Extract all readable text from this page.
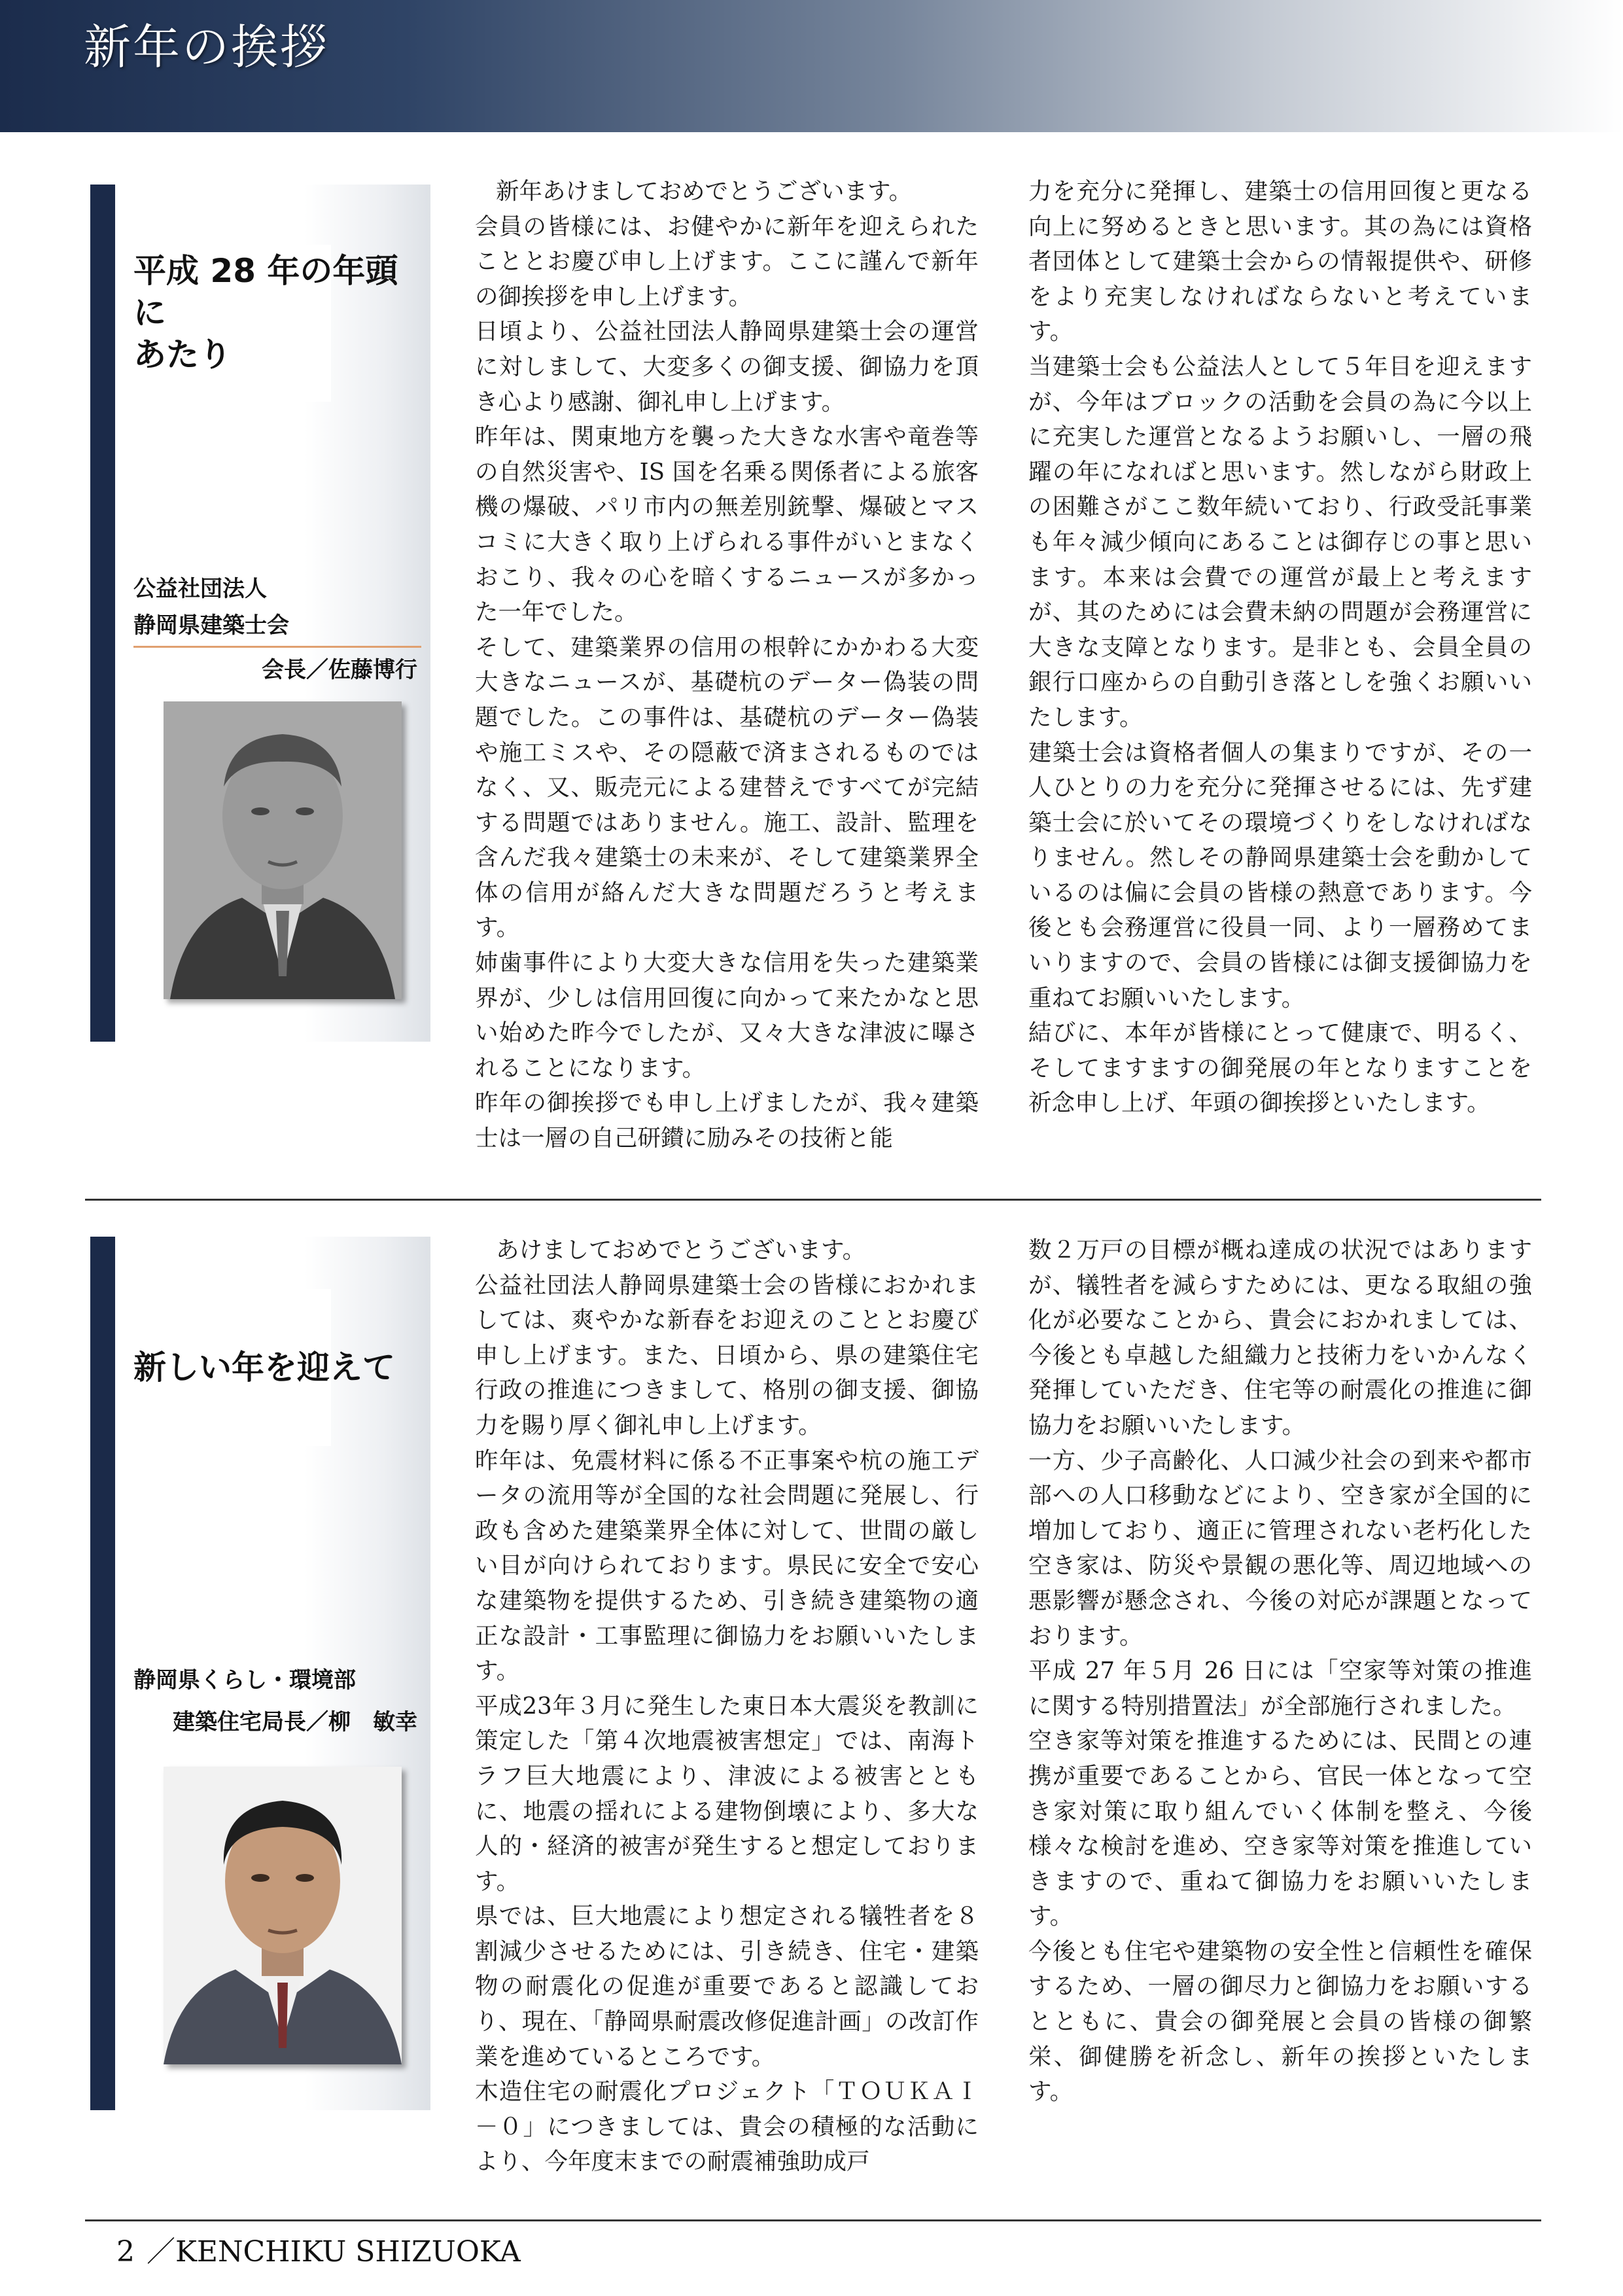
新年の挨拶
平成 28 年の年頭に
あたり
公益社団法人
静岡県建築士会
会長／佐藤博行
新年あけましておめでとうございます。
会員の皆様には、お健やかに新年を迎えられたこととお慶び申し上げます。ここに謹んで新年の御挨拶を申し上げます。
日頃より、公益社団法人静岡県建築士会の運営に対しまして、大変多くの御支援、御協力を頂き心より感謝、御礼申し上げます。
昨年は、関東地方を襲った大きな水害や竜巻等の自然災害や、IS 国を名乗る関係者による旅客機の爆破、パリ市内の無差別銃撃、爆破とマスコミに大きく取り上げられる事件がいとまなくおこり、我々の心を暗くするニュースが多かった一年でした。
そして、建築業界の信用の根幹にかかわる大変大きなニュースが、基礎杭のデーター偽装の問題でした。この事件は、基礎杭のデーター偽装や施工ミスや、その隠蔽で済まされるものではなく、又、販売元による建替えですべてが完結する問題ではありません。施工、設計、監理を含んだ我々建築士の未来が、そして建築業界全体の信用が絡んだ大きな問題だろうと考えます。
姉歯事件により大変大きな信用を失った建築業界が、少しは信用回復に向かって来たかなと思い始めた昨今でしたが、又々大きな津波に曝されることになります。
昨年の御挨拶でも申し上げましたが、我々建築士は一層の自己研鑚に励みその技術と能
力を充分に発揮し、建築士の信用回復と更なる向上に努めるときと思います。其の為には資格者団体として建築士会からの情報提供や、研修をより充実しなければならないと考えています。
当建築士会も公益法人として５年目を迎えますが、今年はブロックの活動を会員の為に今以上に充実した運営となるようお願いし、一層の飛躍の年になればと思います。然しながら財政上の困難さがここ数年続いており、行政受託事業も年々減少傾向にあることは御存じの事と思います。本来は会費での運営が最上と考えますが、其のためには会費未納の問題が会務運営に大きな支障となります。是非とも、会員全員の銀行口座からの自動引き落としを強くお願いいたします。
建築士会は資格者個人の集まりですが、その一人ひとりの力を充分に発揮させるには、先ず建築士会に於いてその環境づくりをしなければなりません。然しその静岡県建築士会を動かしているのは偏に会員の皆様の熱意であります。今後とも会務運営に役員一同、より一層務めてまいりますので、会員の皆様には御支援御協力を重ねてお願いいたします。
結びに、本年が皆様にとって健康で、明るく、そしてますますの御発展の年となりますことを祈念申し上げ、年頭の御挨拶といたします。
新しい年を迎えて
静岡県くらし・環境部
建築住宅局長／柳　敏幸
あけましておめでとうございます。
公益社団法人静岡県建築士会の皆様におかれましては、爽やかな新春をお迎えのこととお慶び申し上げます。また、日頃から、県の建築住宅行政の推進につきまして、格別の御支援、御協力を賜り厚く御礼申し上げます。
昨年は、免震材料に係る不正事案や杭の施工データの流用等が全国的な社会問題に発展し、行政も含めた建築業界全体に対して、世間の厳しい目が向けられております。県民に安全で安心な建築物を提供するため、引き続き建築物の適正な設計・工事監理に御協力をお願いいたします。
平成23年３月に発生した東日本大震災を教訓に策定した「第４次地震被害想定」では、南海トラフ巨大地震により、津波による被害とともに、地震の揺れによる建物倒壊により、多大な人的・経済的被害が発生すると想定しております。
県では、巨大地震により想定される犠牲者を８割減少させるためには、引き続き、住宅・建築物の耐震化の促進が重要であると認識しており、現在、「静岡県耐震改修促進計画」の改訂作業を進めているところです。
木造住宅の耐震化プロジェクト「ＴＯＵＫＡＩ－０」につきましては、貴会の積極的な活動により、今年度末までの耐震補強助成戸
数２万戸の目標が概ね達成の状況ではありますが、犠牲者を減らすためには、更なる取組の強化が必要なことから、貴会におかれましては、今後とも卓越した組織力と技術力をいかんなく発揮していただき、住宅等の耐震化の推進に御協力をお願いいたします。
一方、少子高齢化、人口減少社会の到来や都市部への人口移動などにより、空き家が全国的に増加しており、適正に管理されない老朽化した空き家は、防災や景観の悪化等、周辺地域への悪影響が懸念され、今後の対応が課題となっております。
平成 27 年５月 26 日には「空家等対策の推進に関する特別措置法」が全部施行されました。
空き家等対策を推進するためには、民間との連携が重要であることから、官民一体となって空き家対策に取り組んでいく体制を整え、今後様々な検討を進め、空き家等対策を推進していきますので、重ねて御協力をお願いいたします。
今後とも住宅や建築物の安全性と信頼性を確保するため、一層の御尽力と御協力をお願いするとともに、貴会の御発展と会員の皆様の御繁栄、御健勝を祈念し、新年の挨拶といたします。
2 ／KENCHIKU SHIZUOKA
